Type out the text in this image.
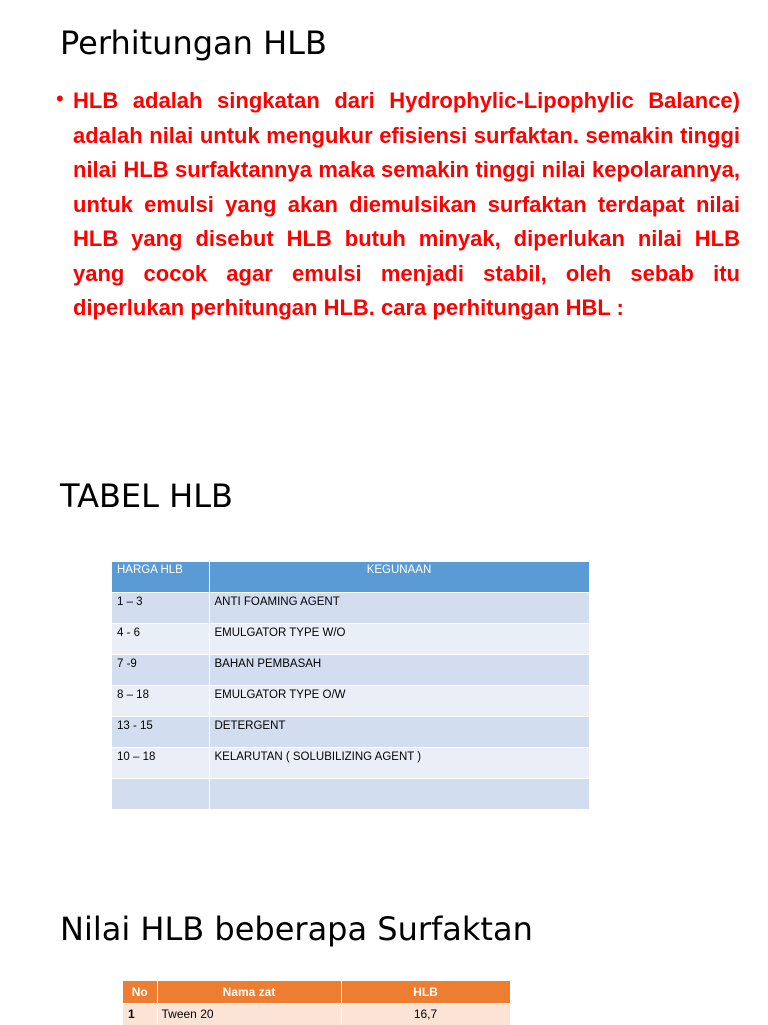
Perhitungan HLB
• HLB adalah singkatan dari Hydrophylic-Lipophylic Balance) adalah nilai untuk mengukur efisiensi surfaktan. semakin tinggi nilai HLB surfaktannya maka semakin tinggi nilai kepolarannya, untuk emulsi yang akan diemulsikan surfaktan terdapat nilai HLB yang disebut HLB butuh minyak, diperlukan nilai HLB yang cocok agar emulsi menjadi stabil, oleh sebab itu diperlukan perhitungan HLB. cara perhitungan HBL :
TABEL HLB
HARGA HLB	KEGUNAAN
1 – 3	ANTI FOAMING AGENT
4 - 6	EMULGATOR TYPE W/O
7 -9	BAHAN PEMBASAH
8 – 18	EMULGATOR TYPE O/W
13 - 15	DETERGENT
10 – 18	KELARUTAN ( SOLUBILIZING AGENT )

Nilai HLB beberapa Surfaktan
No	Nama zat	HLB
1	Tween 20	16,7
